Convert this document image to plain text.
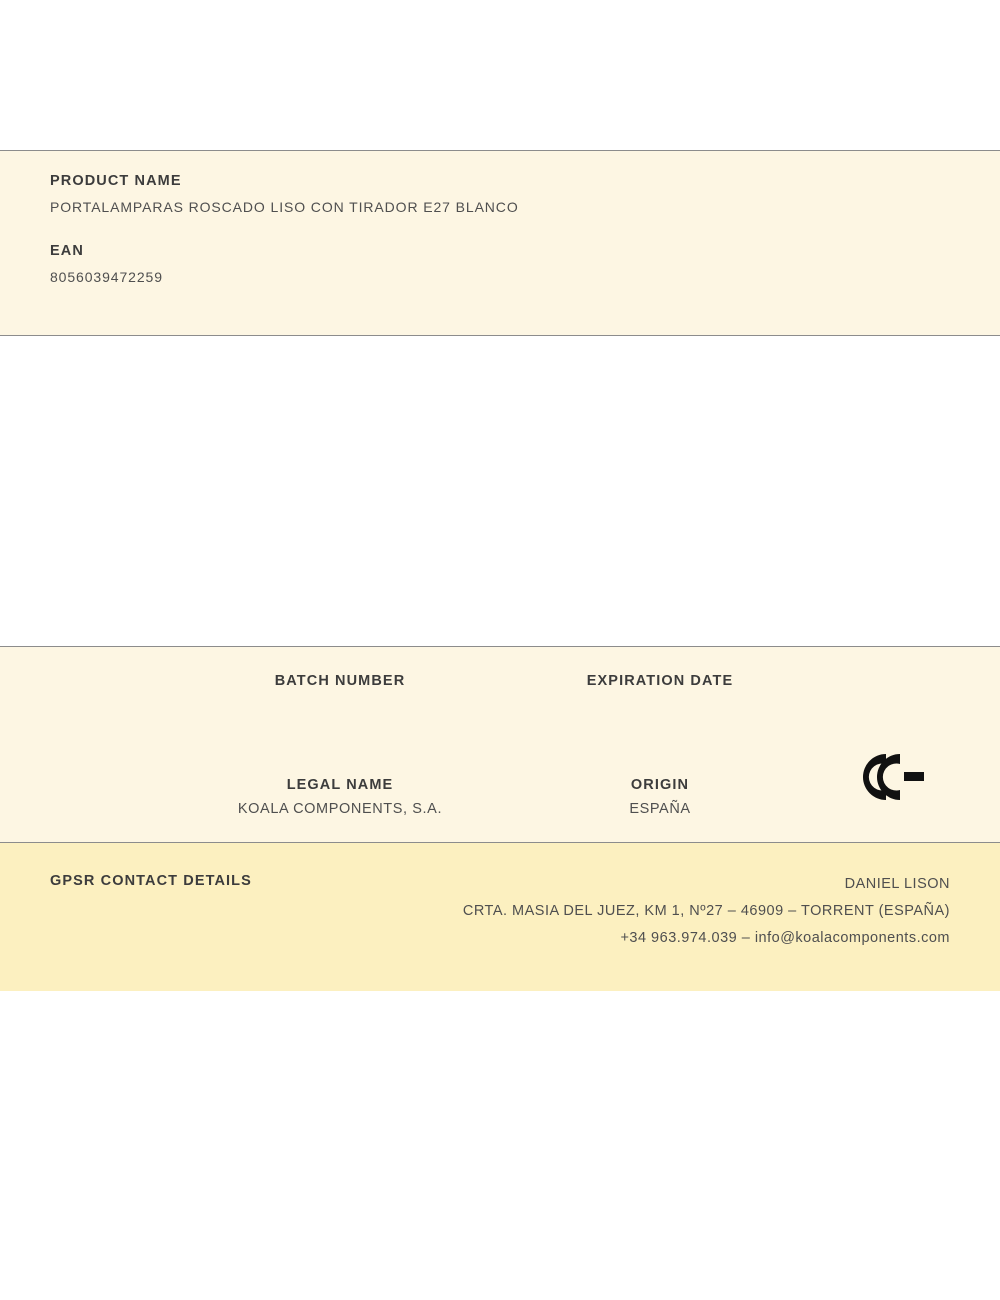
PRODUCT NAME

PORTALAMPARAS ROSCADO LISO CON TIRADOR E27 BLANCO

EAN

8056039472259

BATCH NUMBER	EXPIRATION DATE

LEGAL NAME

KOALA COMPONENTS, S.A.

ORIGIN

ESPAÑA

GPSR CONTACT DETAILS	DANIEL LISON
CRTA. MASIA DEL JUEZ, KM 1, Nº27 – 46909 – TORRENT (ESPAÑA)
+34 963.974.039 – info@koalacomponents.com
